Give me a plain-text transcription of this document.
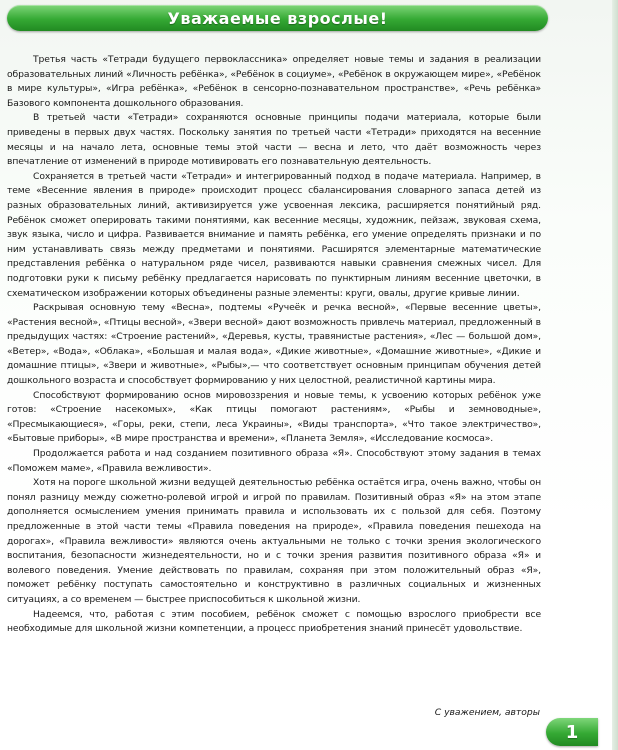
Уважаемые взрослые!

Третья часть «Тетради будущего первоклассника» определяет новые темы и задания в реализации образовательных линий «Личность ребёнка», «Ребёнок в социуме», «Ребёнок в окружающем мире», «Ребёнок в мире культуры», «Игра ребёнка», «Ребёнок в сенсорно-познавательном пространстве», «Речь ребёнка» Базового компонента дошкольного образования.

В третьей части «Тетради» сохраняются основные принципы подачи материала, которые были приведены в первых двух частях. Поскольку занятия по третьей части «Тетради» приходятся на весенние месяцы и на начало лета, основные темы этой части — весна и лето, что даёт возможность через впечатление от изменений в природе мотивировать его познавательную деятельность.

Сохраняется в третьей части «Тетради» и интегрированный подход в подаче материала. Например, в теме «Весенние явления в природе» происходит процесс сбалансирования словарного запаса детей из разных образовательных линий, активизируется уже усвоенная лексика, расширяется понятийный ряд. Ребёнок сможет оперировать такими понятиями, как весенние месяцы, художник, пейзаж, звуковая схема, звук языка, число и цифра. Развивается внимание и память ребёнка, его умение определять признаки и по ним устанавливать связь между предметами и понятиями. Расширятся элементарные математические представления ребёнка о натуральном ряде чисел, развиваются навыки сравнения смежных чисел. Для подготовки руки к письму ребёнку предлагается нарисовать по пунктирным линиям весенние цветочки, в схематическом изображении которых объединены разные элементы: круги, овалы, другие кривые линии.

Раскрывая основную тему «Весна», подтемы «Ручеёк и речка весной», «Первые весенние цветы», «Растения весной», «Птицы весной», «Звери весной» дают возможность привлечь материал, предложенный в предыдущих частях: «Строение растений», «Деревья, кусты, травянистые растения», «Лес — большой дом», «Ветер», «Вода», «Облака», «Большая и малая вода», «Дикие животные», «Домашние животные», «Дикие и домашние птицы», «Звери и животные», «Рыбы»,— что соответствует основным принципам обучения детей дошкольного возраста и способствует формированию у них целостной, реалистичной картины мира.

Способствуют формированию основ мировоззрения и новые темы, к усвоению которых ребёнок уже готов: «Строение насекомых», «Как птицы помогают растениям», «Рыбы и земноводные», «Пресмыкающиеся», «Горы, реки, степи, леса Украины», «Виды транспорта», «Что такое электричество», «Бытовые приборы», «В мире пространства и времени», «Планета Земля», «Исследование космоса».

Продолжается работа и над созданием позитивного образа «Я». Способствуют этому задания в темах «Поможем маме», «Правила вежливости».

Хотя на пороге школьной жизни ведущей деятельностью ребёнка остаётся игра, очень важно, чтобы он понял разницу между сюжетно-ролевой игрой и игрой по правилам. Позитивный образ «Я» на этом этапе дополняется осмыслением умения принимать правила и использовать их с пользой для себя. Поэтому предложенные в этой части темы «Правила поведения на природе», «Правила поведения пешехода на дорогах», «Правила вежливости» являются очень актуальными не только с точки зрения экологического воспитания, безопасности жизнедеятельности, но и с точки зрения развития позитивного образа «Я» и волевого поведения. Умение действовать по правилам, сохраняя при этом положительный образ «Я», поможет ребёнку поступать самостоятельно и конструктивно в различных социальных и жизненных ситуациях, а со временем — быстрее приспособиться к школьной жизни.

Надеемся, что, работая с этим пособием, ребёнок сможет с помощью взрослого приобрести все необходимые для школьной жизни компетенции, а процесс приобретения знаний принесёт удовольствие.

С уважением, авторы
1
